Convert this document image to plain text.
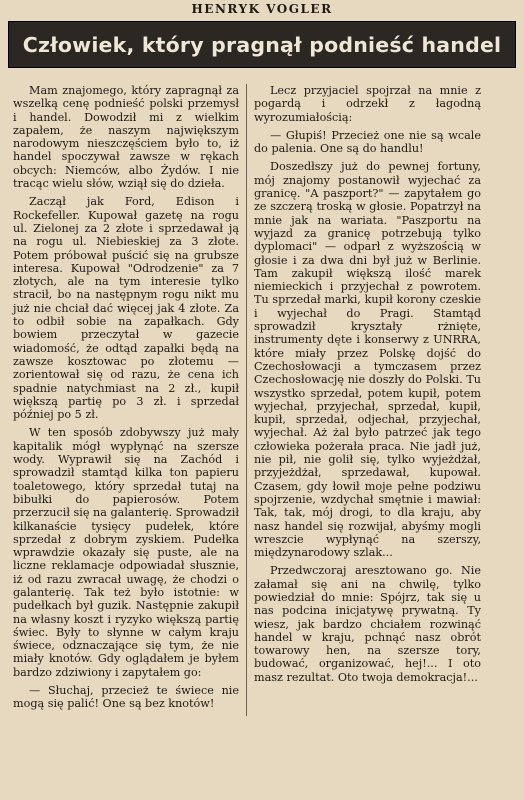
HENRYK VOGLER
Człowiek, który pragnął podnieść handel

Mam znajomego, który zapragnął za wszelką cenę podnieść polski przemysł i handel. Dowodził mi z wielkim zapałem, że naszym największym narodowym nieszczęściem było to, iż handel spoczywał zawsze w rękach obcych: Niemców, albo Żydów. I nie tracąc wielu słów, wziął się do dzieła.

Zaczął jak Ford, Edison i Rockefeller. Kupował gazetę na rogu ul. Zielonej za 2 złote i sprzedawał ją na rogu ul. Niebieskiej za 3 złote. Potem próbował puścić się na grubsze interesa. Kupował "Odrodzenie" za 7 złotych, ale na tym interesie tylko stracił, bo na następnym rogu nikt mu już nie chciał dać więcej jak 4 złote. Za to odbił sobie na zapałkach. Gdy bowiem przeczytał w gazecie wiadomość, że odtąd zapałki będą na zawsze kosztowac po złotemu — zorientował się od razu, że cena ich spadnie natychmiast na 2 zł., kupił większą partię po 3 zł. i sprzedał później po 5 zł.

W ten sposób zdobywszy już mały kapitalik mógł wypłynąć na szersze wody. Wyprawił się na Zachód i sprowadził stamtąd kilka ton papieru toaletowego, który sprzedał tutaj na bibułki do papierosów. Potem przerzucił się na galanterię. Sprowadził kilkanaście tysięcy pudełek, które sprzedał z dobrym zyskiem. Pudełka wprawdzie okazały się puste, ale na liczne reklamacje odpowiadał słusznie, iż od razu zwracał uwagę, że chodzi o galanterię. Tak też było istotnie: w pudełkach był guzik. Następnie zakupił na własny koszt i ryzyko większą partię świec. Były to słynne w całym kraju świece, odznaczające się tym, że nie miały knotów. Gdy oglądałem je byłem bardzo zdziwiony i zapytałem go:

— Słuchaj, przecież te świece nie mogą się palić! One są bez knotów!

Lecz przyjaciel spojrzał na mnie z pogardą i odrzekł z łagodną wyrozumiałością:

— Głupiś! Przecież one nie są wcale do palenia. One są do handlu!

Doszedłszy już do pewnej fortuny, mój znajomy postanowił wyjechać za granicę. "A paszport?" — zapytałem go ze szczerą troską w głosie. Popatrzył na mnie jak na wariata. "Paszportu na wyjazd za granicę potrzebują tylko dyplomaci" — odparł z wyższością w głosie i za dwa dni był już w Berlinie. Tam zakupił większą ilość marek niemieckich i przyjechał z powrotem. Tu sprzedał marki, kupił korony czeskie i wyjechał do Pragi. Stamtąd sprowadził kryształy rżnięte, instrumenty dęte i konserwy z UNRRA, które miały przez Polskę dojść do Czechosłowacji a tymczasem przez Czechosłowację nie doszły do Polski. Tu wszystko sprzedał, potem kupił, potem wyjechał, przyjechał, sprzedał, kupił, kupił, sprzedał, odjechał, przyjechał, wyjechał. Aż żal było patrzeć jak tego człowieka pożerała praca. Nie jadł już, nie pił, nie golił się, tylko wyjeżdżał, przyjeżdżał, sprzedawał, kupował. Czasem, gdy łowił moje pełne podziwu spojrzenie, wzdychał smętnie i mawiał: Tak, tak, mój drogi, to dla kraju, aby nasz handel się rozwijał, abyśmy mogli wreszcie wypłynąć na szerszy, międzynarodowy szlak...

Przedwczoraj aresztowano go. Nie załamał się ani na chwilę, tylko powiedział do mnie: Spójrz, tak się u nas podcina inicjatywę prywatną. Ty wiesz, jak bardzo chciałem rozwinąć handel w kraju, pchnąć nasz obrót towarowy hen, na szersze tory, budować, organizować, hej!... I oto masz rezultat. Oto twoja demokracja!...
